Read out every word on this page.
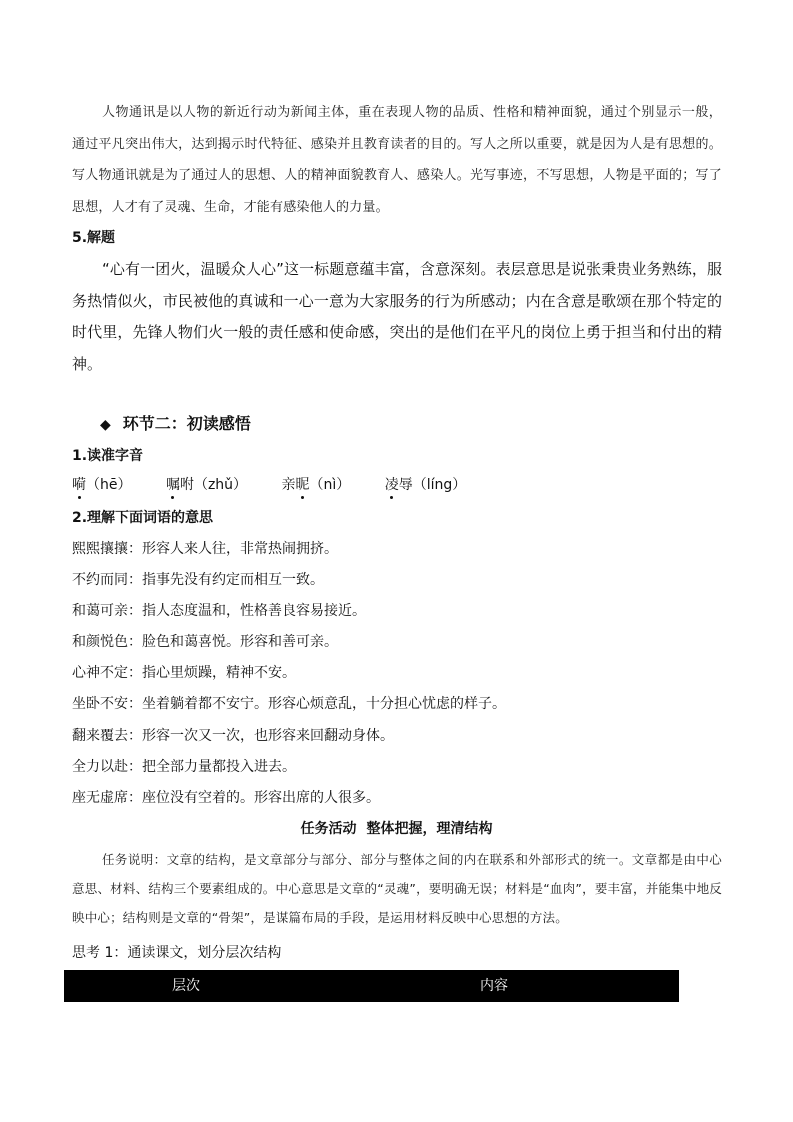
人物通讯是以人物的新近行动为新闻主体，重在表现人物的品质、性格和精神面貌，通过个别显示一般，通过平凡突出伟大，达到揭示时代特征、感染并且教育读者的目的。写人之所以重要，就是因为人是有思想的。写人物通讯就是为了通过人的思想、人的精神面貌教育人、感染人。光写事迹，不写思想，人物是平面的；写了思想，人才有了灵魂、生命，才能有感染他人的力量。
5.解题
“心有一团火，温暖众人心”这一标题意蕴丰富，含意深刻。表层意思是说张秉贵业务熟练，服务热情似火，市民被他的真诚和一心一意为大家服务的行为所感动；内在含意是歌颂在那个特定的时代里，先锋人物们火一般的责任感和使命感，突出的是他们在平凡的岗位上勇于担当和付出的精神。
◆ 环节二：初读感悟
1.读准字音
嗬（hē） 嘱咐（zhǔ） 亲昵（nì） 凌辱（líng）
2.理解下面词语的意思
熙熙攘攘：形容人来人往，非常热闹拥挤。
不约而同：指事先没有约定而相互一致。
和蔼可亲：指人态度温和，性格善良容易接近。
和颜悦色：脸色和蔼喜悦。形容和善可亲。
心神不定：指心里烦躁，精神不安。
坐卧不安：坐着躺着都不安宁。形容心烦意乱，十分担心忧虑的样子。
翻来覆去：形容一次又一次，也形容来回翻动身体。
全力以赴：把全部力量都投入进去。
座无虚席：座位没有空着的。形容出席的人很多。
任务活动 整体把握，理清结构
任务说明：文章的结构，是文章部分与部分、部分与整体之间的内在联系和外部形式的统一。文章都是由中心意思、材料、结构三个要素组成的。中心意思是文章的“灵魂”，要明确无误；材料是“血肉”，要丰富，并能集中地反映中心；结构则是文章的“骨架”，是谋篇布局的手段，是运用材料反映中心思想的方法。
思考 1：通读课文，划分层次结构
层次	内容
